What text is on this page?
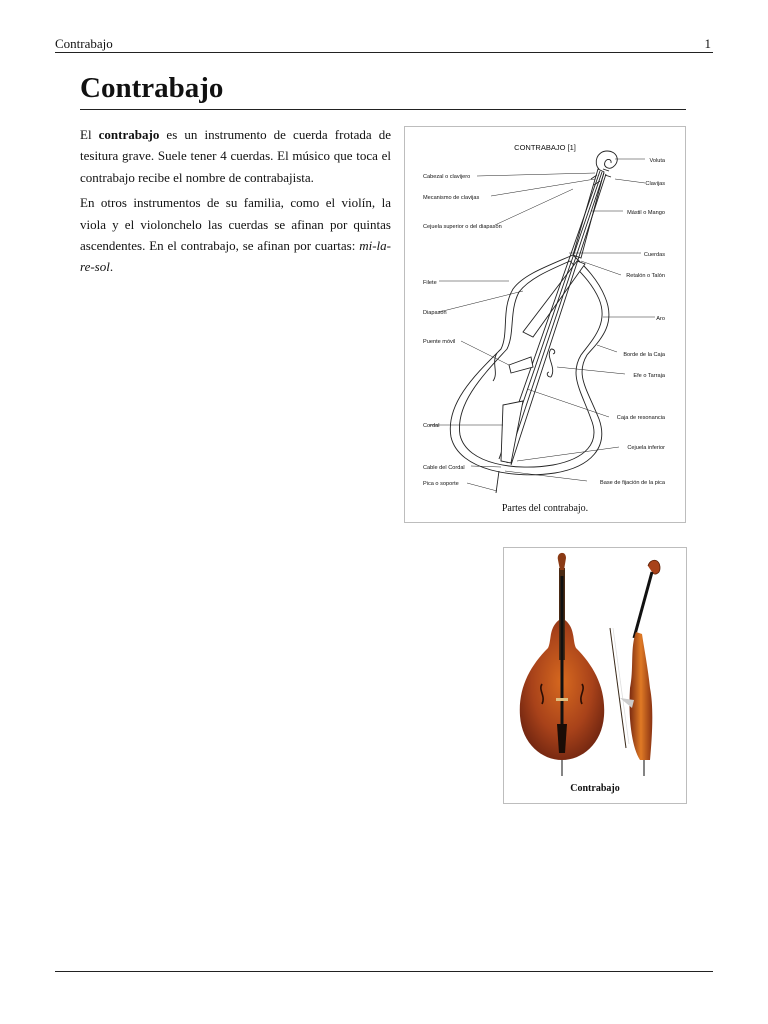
Contrabajo	1
Contrabajo

El contrabajo es un instrumento de cuerda frotada de tesitura grave. Suele tener 4 cuerdas. El músico que toca el contrabajo recibe el nombre de contrabajista.

En otros instrumentos de su familia, como el violín, la viola y el violonchelo las cuerdas se afinan por quintas ascendentes. En el contrabajo, se afinan por cuartas: mi-la-re-sol.

CONTRABAJO [1]
Cabezal o clavijero
Mecanismo de clavijas
Cejuela superior o del diapasón
Filete
Diapasón
Puente móvil
Cordal
Cable del Cordal
Pica o soporte
Voluta
Clavijas
Mástil o Mango
Cuerdas
Retalón o Talón
Aro
Borde de la Caja
Efe o Tarraja
Caja de resonancia
Cejuela inferior
Base de fijación de la pica
Partes del contrabajo.
Contrabajo
